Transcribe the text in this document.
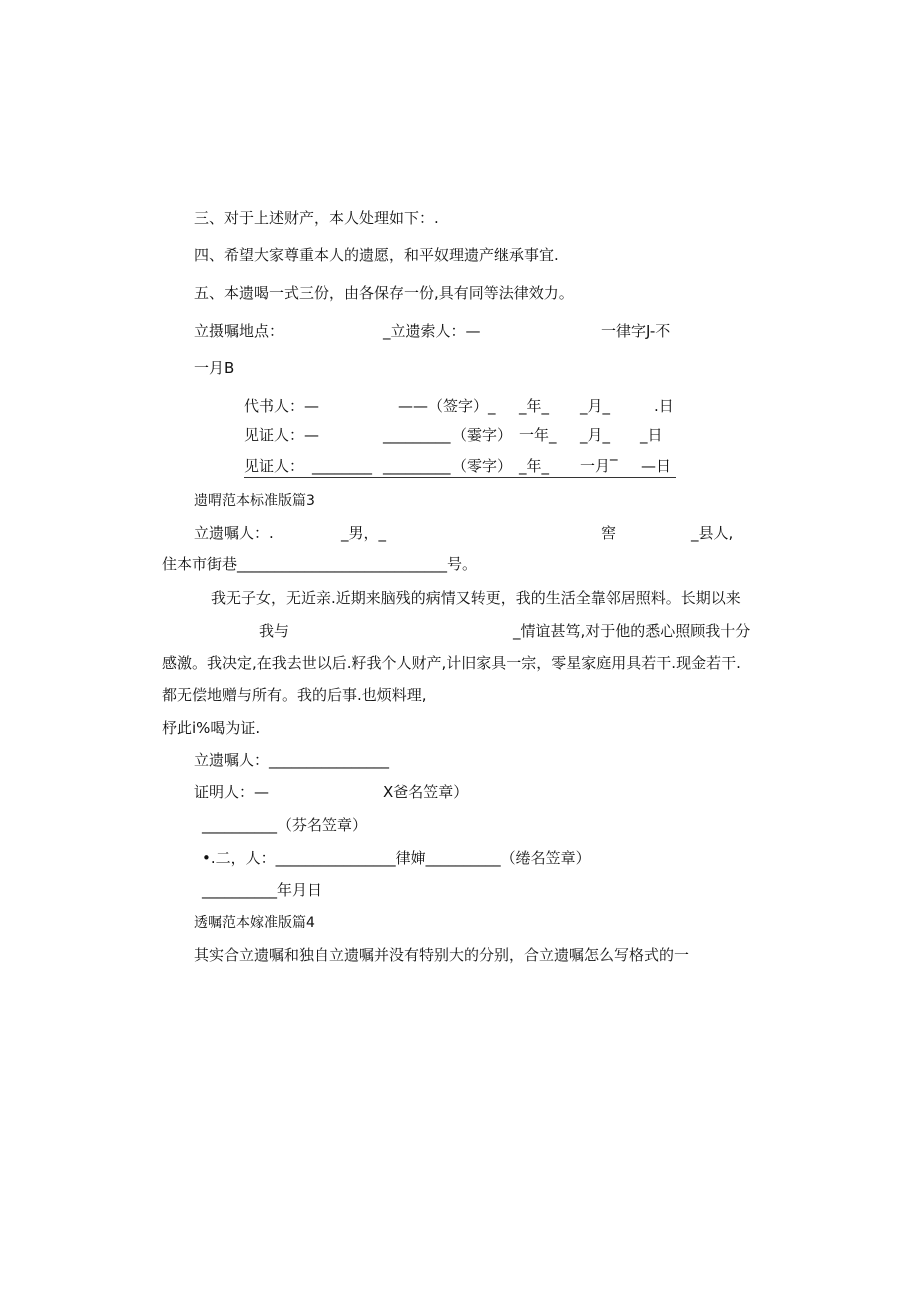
三、对于上述财产，本人处理如下：.
四、希望大家尊重本人的遗愿，和平奴理遗产继承事宜.
五、本遗喝一式三份，由各保存一份,具有同等法律效力。
立摄嘱地点：	_立遗索人：—	一律字J-不
一月B
代书人：—	——（签字）_ _年_ _月_	.日
见证人：—	_________ （霎字） 一年_ _月_ _日
见证人： ________ _________ （零字） _年_ 一月‾ —日
遗喟范本标准版篇3
立遗嘱人：.	_男，_	窖	_县人,
住本市街巷____________________________号。
我无子女，无近亲.近期来脑残的病情又转更，我的生活全靠邻居照料。长期以来
我与	_情谊甚笃,对于他的悉心照顾我十分
感激。我决定,在我去世以后.籽我个人财产,计旧家具一宗，零星家庭用具若干.现金若干.
都无偿地赠与所有。我的后事.也烦料理,
杼此i%喝为证.
立遗嘱人：________________
证明人：—	X爸名笠章）
__________（芬名笠章）
•.二，人：________________律婶__________（绻名笠章）
__________年月日
透嘱范本嫁准版篇4
其实合立遗嘱和独自立遗嘱并没有特别大的分别，合立遗嘱怎么写格式的一
